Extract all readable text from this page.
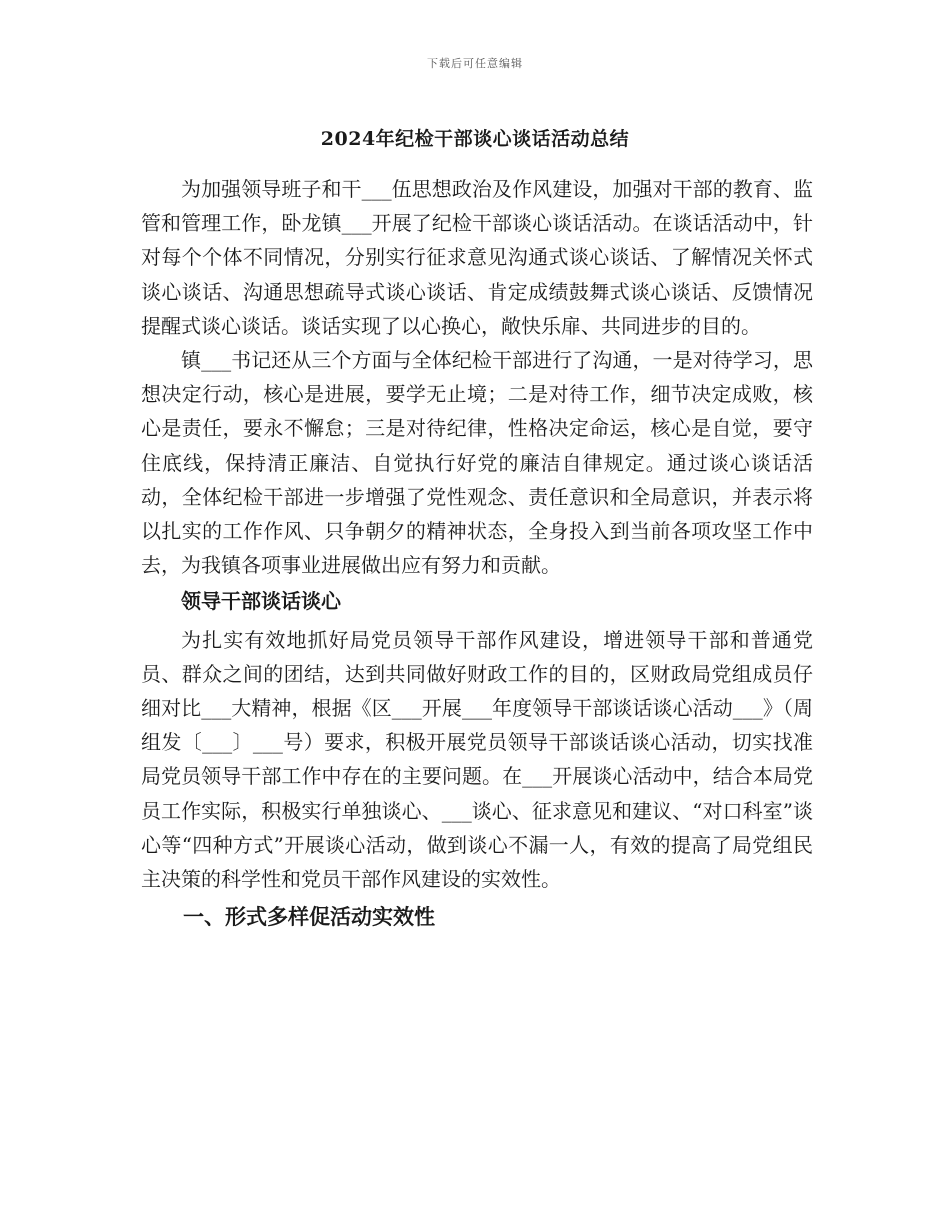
下载后可任意编辑
2024年纪检干部谈心谈话活动总结

为加强领导班子和干___伍思想政治及作风建设，加强对干部的教育、监管和管理工作，卧龙镇___开展了纪检干部谈心谈话活动。在谈话活动中，针对每个个体不同情况，分别实行征求意见沟通式谈心谈话、了解情况关怀式谈心谈话、沟通思想疏导式谈心谈话、肯定成绩鼓舞式谈心谈话、反馈情况提醒式谈心谈话。谈话实现了以心换心，敞快乐扉、共同进步的目的。

镇___书记还从三个方面与全体纪检干部进行了沟通，一是对待学习，思想决定行动，核心是进展，要学无止境；二是对待工作，细节决定成败，核心是责任，要永不懈怠；三是对待纪律，性格决定命运，核心是自觉，要守住底线，保持清正廉洁、自觉执行好党的廉洁自律规定。通过谈心谈话活动，全体纪检干部进一步增强了党性观念、责任意识和全局意识，并表示将以扎实的工作作风、只争朝夕的精神状态，全身投入到当前各项攻坚工作中去，为我镇各项事业进展做出应有努力和贡献。

领导干部谈话谈心

为扎实有效地抓好局党员领导干部作风建设，增进领导干部和普通党员、群众之间的团结，达到共同做好财政工作的目的，区财政局党组成员仔细对比___大精神，根据《区___开展___年度领导干部谈话谈心活动___》（周组发〔___〕___号）要求，积极开展党员领导干部谈话谈心活动，切实找准局党员领导干部工作中存在的主要问题。在___开展谈心活动中，结合本局党员工作实际，积极实行单独谈心、___谈心、征求意见和建议、“对口科室”谈心等“四种方式”开展谈心活动，做到谈心不漏一人，有效的提高了局党组民主决策的科学性和党员干部作风建设的实效性。

一、形式多样促活动实效性
